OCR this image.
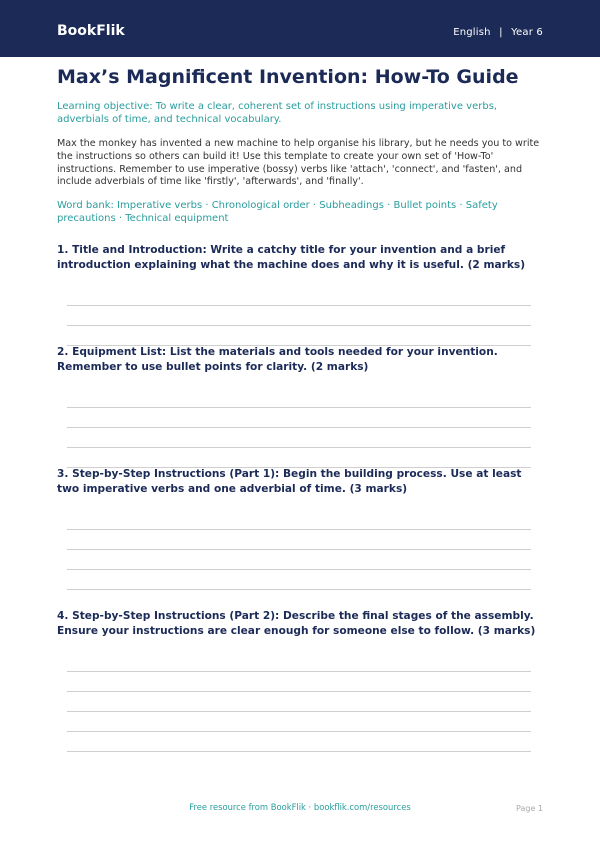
BookFlik	English | Year 6
Max’s Magnificent Invention: How-To Guide
Learning objective: To write a clear, coherent set of instructions using imperative verbs, adverbials of time, and technical vocabulary.
Max the monkey has invented a new machine to help organise his library, but he needs you to write the instructions so others can build it! Use this template to create your own set of 'How-To' instructions. Remember to use imperative (bossy) verbs like 'attach', 'connect', and 'fasten', and include adverbials of time like 'firstly', 'afterwards', and 'finally'.
Word bank: Imperative verbs · Chronological order · Subheadings · Bullet points · Safety precautions · Technical equipment
1. Title and Introduction: Write a catchy title for your invention and a brief introduction explaining what the machine does and why it is useful. (2 marks)
2. Equipment List: List the materials and tools needed for your invention. Remember to use bullet points for clarity. (2 marks)
3. Step-by-Step Instructions (Part 1): Begin the building process. Use at least two imperative verbs and one adverbial of time. (3 marks)
4. Step-by-Step Instructions (Part 2): Describe the final stages of the assembly. Ensure your instructions are clear enough for someone else to follow. (3 marks)
Free resource from BookFlik · bookflik.com/resources	Page 1
